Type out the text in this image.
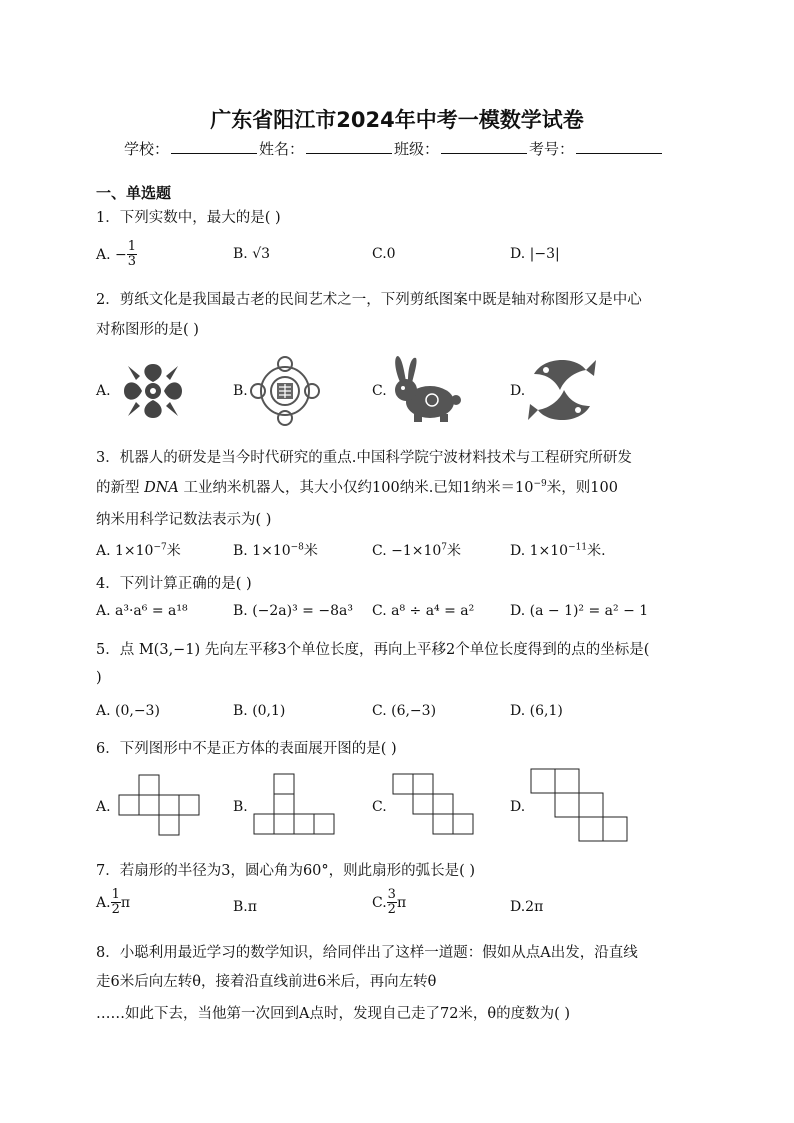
广东省阳江市2024年中考一模数学试卷
学校：	姓名：	班级：	考号：
一、单选题
1．下列实数中，最大的是( )
A. − $\frac{1}{3}$	B. √3	C.0	D. |−3|
2．剪纸文化是我国最古老的民间艺术之一，下列剪纸图案中既是轴对称图形又是中心
对称图形的是( )
A.	B.	C.	D.
3．机器人的研发是当今时代研究的重点.中国科学院宁波材料技术与工程研究所研发
的新型 DNA 工业纳米机器人，其大小仅约100纳米.已知1纳米$=10^{-9}$米，则100
纳米用科学记数法表示为( )
A. $1\times 10^{-7}$米	B. $1\times 10^{-8}$米	C. $-1\times 10^7$米	D. $1\times 10^{-11}$米.
4．下列计算正确的是( )
A. a³·a⁶ = a¹⁸	B. (−2a)³ = −8a³ C. a⁸ ÷ a⁴ = a²	D. (a − 1)² = a² − 1
5．点 M(3,−1) 先向左平移3个单位长度，再向上平移2个单位长度得到的点的坐标是(
)
A. (0,−3)	B. (0,1)	C. (6,−3)	D. (6,1)
6．下列图形中不是正方体的表面展开图的是( )
A.	B.	C.	D.
7．若扇形的半径为3，圆心角为60°，则此扇形的弧长是( )
A. $\frac{1}{2}$ π	B.π	C. $\frac{3}{2}$ π	D.2π
8．小聪利用最近学习的数学知识，给同伴出了这样一道题：假如从点A出发，沿直线
走6米后向左转θ，接着沿直线前进6米后，再向左转θ
……如此下去，当他第一次回到A点时，发现自己走了72米，θ的度数为( )
